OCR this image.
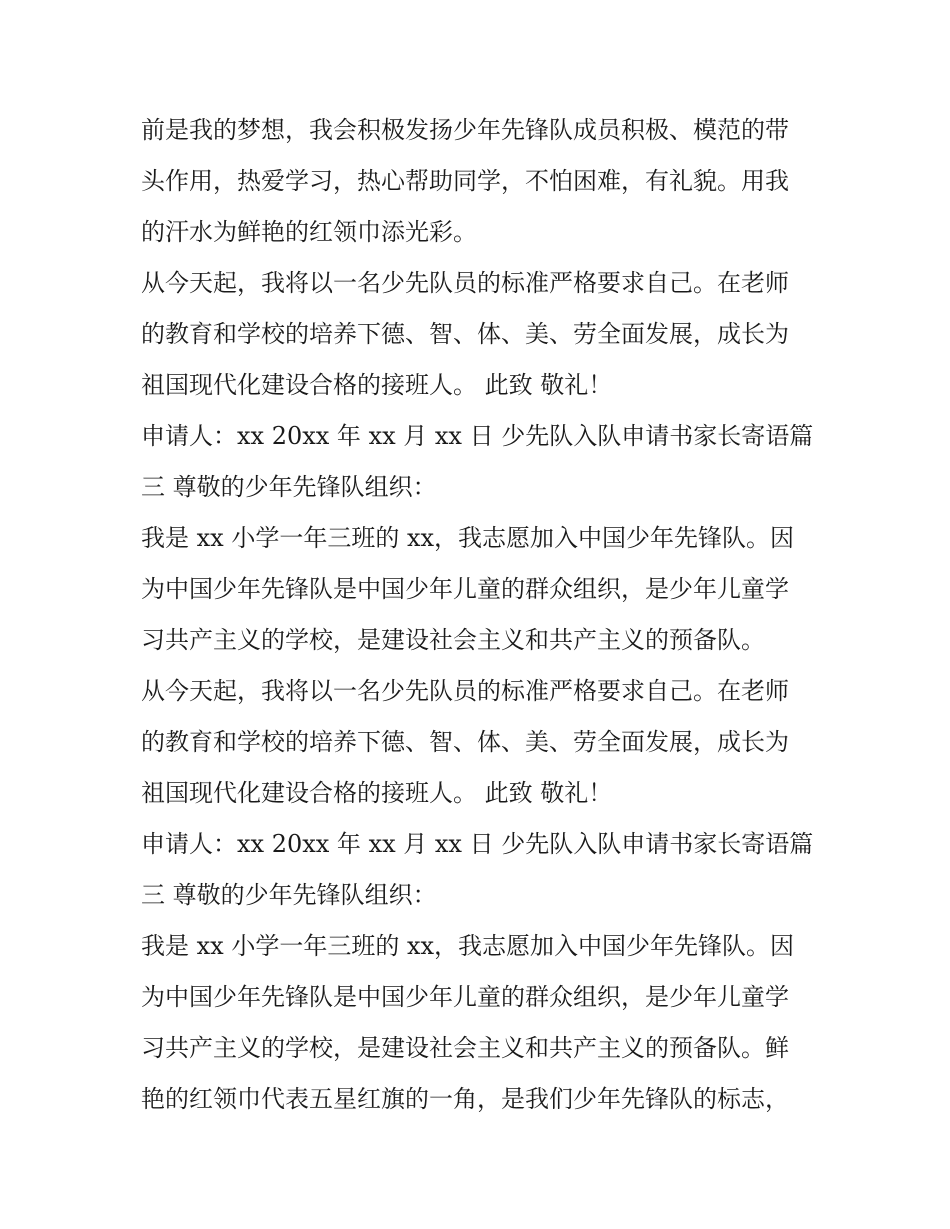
前是我的梦想，我会积极发扬少年先锋队成员积极、模范的带
头作用，热爱学习，热心帮助同学，不怕困难，有礼貌。用我
的汗水为鲜艳的红领巾添光彩。
从今天起，我将以一名少先队员的标准严格要求自己。在老师
的教育和学校的培养下德、智、体、美、劳全面发展，成长为
祖国现代化建设合格的接班人。 此致 敬礼！
申请人：xx 20xx 年 xx 月 xx 日 少先队入队申请书家长寄语篇
三 尊敬的少年先锋队组织：
我是 xx 小学一年三班的 xx，我志愿加入中国少年先锋队。因
为中国少年先锋队是中国少年儿童的群众组织，是少年儿童学
习共产主义的学校，是建设社会主义和共产主义的预备队。
从今天起，我将以一名少先队员的标准严格要求自己。在老师
的教育和学校的培养下德、智、体、美、劳全面发展，成长为
祖国现代化建设合格的接班人。 此致 敬礼！
申请人：xx 20xx 年 xx 月 xx 日 少先队入队申请书家长寄语篇
三 尊敬的少年先锋队组织：
我是 xx 小学一年三班的 xx，我志愿加入中国少年先锋队。因
为中国少年先锋队是中国少年儿童的群众组织，是少年儿童学
习共产主义的学校，是建设社会主义和共产主义的预备队。鲜
艳的红领巾代表五星红旗的一角，是我们少年先锋队的标志，
